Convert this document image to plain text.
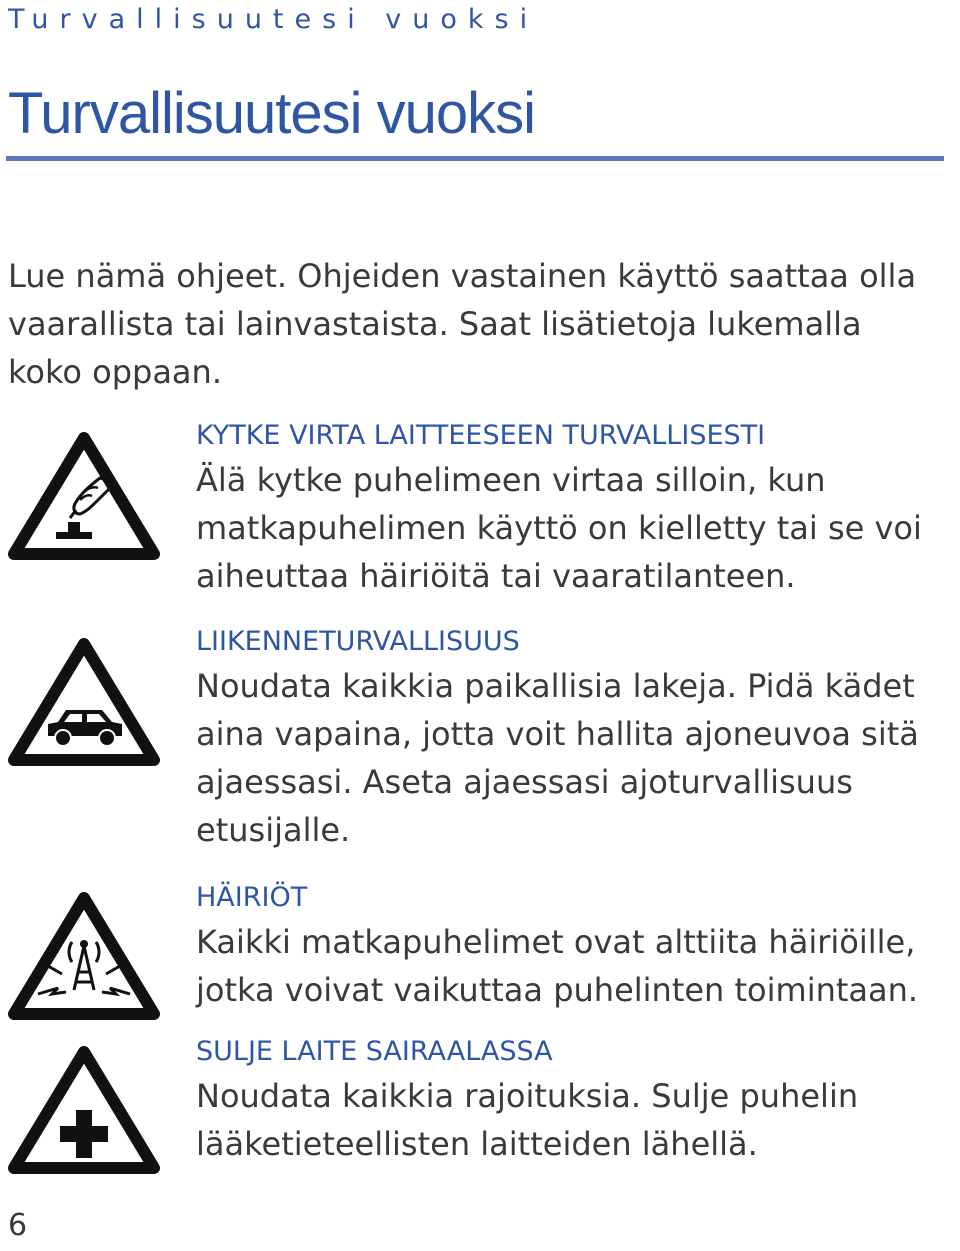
Turvallisuutesi vuoksi
Turvallisuutesi vuoksi

Lue nämä ohjeet. Ohjeiden vastainen käyttö saattaa olla vaarallista tai lainvastaista. Saat lisätietoja lukemalla koko oppaan.

KYTKE VIRTA LAITTEESEEN TURVALLISESTI

Älä kytke puhelimeen virtaa silloin, kun matkapuhelimen käyttö on kielletty tai se voi aiheuttaa häiriöitä tai vaaratilanteen.

LIIKENNETURVALLISUUS

Noudata kaikkia paikallisia lakeja. Pidä kädet aina vapaina, jotta voit hallita ajoneuvoa sitä ajaessasi. Aseta ajaessasi ajoturvallisuus etusijalle.

HÄIRIÖT

Kaikki matkapuhelimet ovat alttiita häiriöille, jotka voivat vaikuttaa puhelinten toimintaan.

SULJE LAITE SAIRAALASSA

Noudata kaikkia rajoituksia. Sulje puhelin lääketieteellisten laitteiden lähellä.

6
